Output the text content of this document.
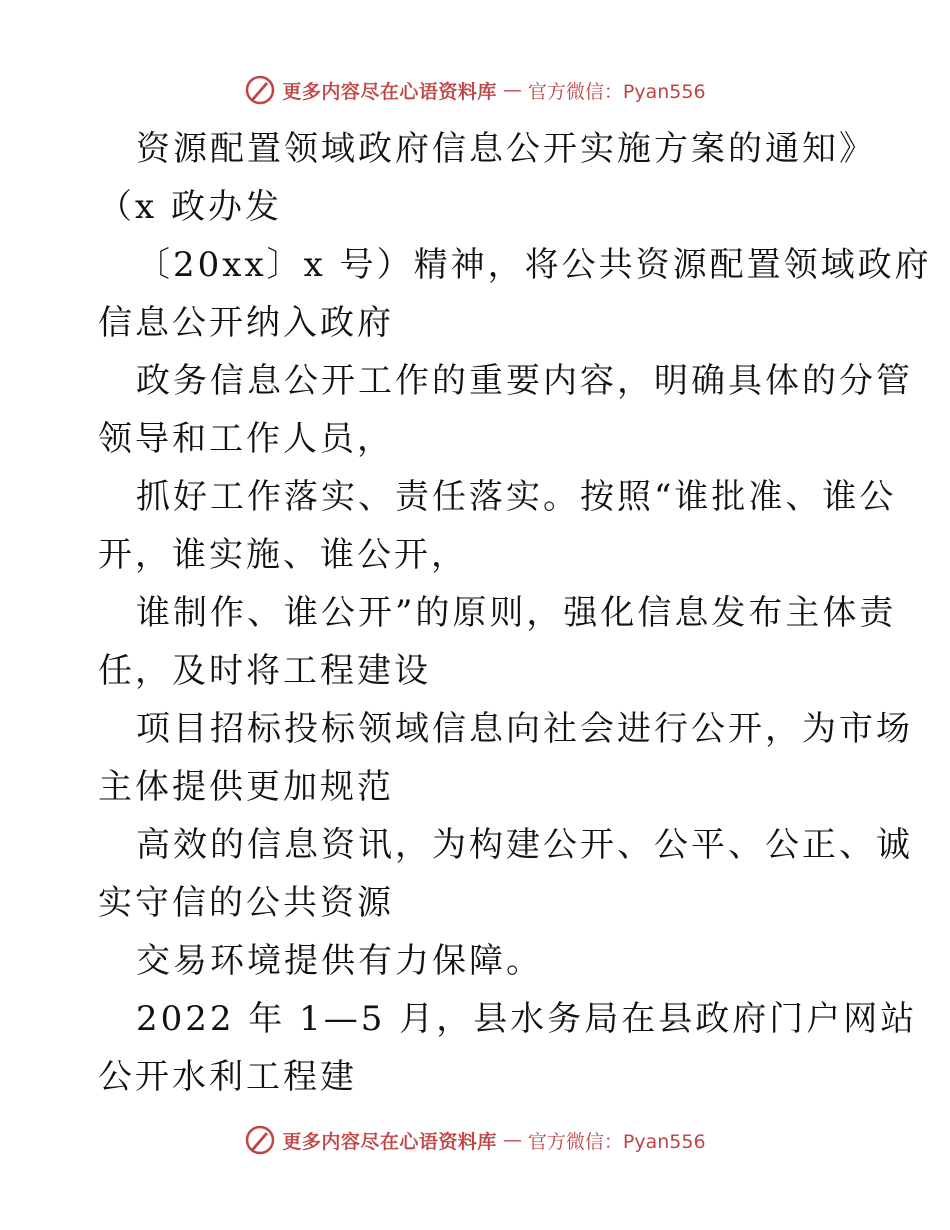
更多内容尽在心语资料库 — 官方微信：Pyan556
资源配置领域政府信息公开实施方案的通知》
（x 政办发
〔20xx〕x 号）精神，将公共资源配置领域政府
信息公开纳入政府
政务信息公开工作的重要内容，明确具体的分管
领导和工作人员，
抓好工作落实、责任落实。按照“谁批准、谁公
开，谁实施、谁公开，
谁制作、谁公开”的原则，强化信息发布主体责
任，及时将工程建设
项目招标投标领域信息向社会进行公开，为市场
主体提供更加规范
高效的信息资讯，为构建公开、公平、公正、诚
实守信的公共资源
交易环境提供有力保障。
2022 年 1—5 月，县水务局在县政府门户网站
公开水利工程建
更多内容尽在心语资料库 — 官方微信：Pyan556
